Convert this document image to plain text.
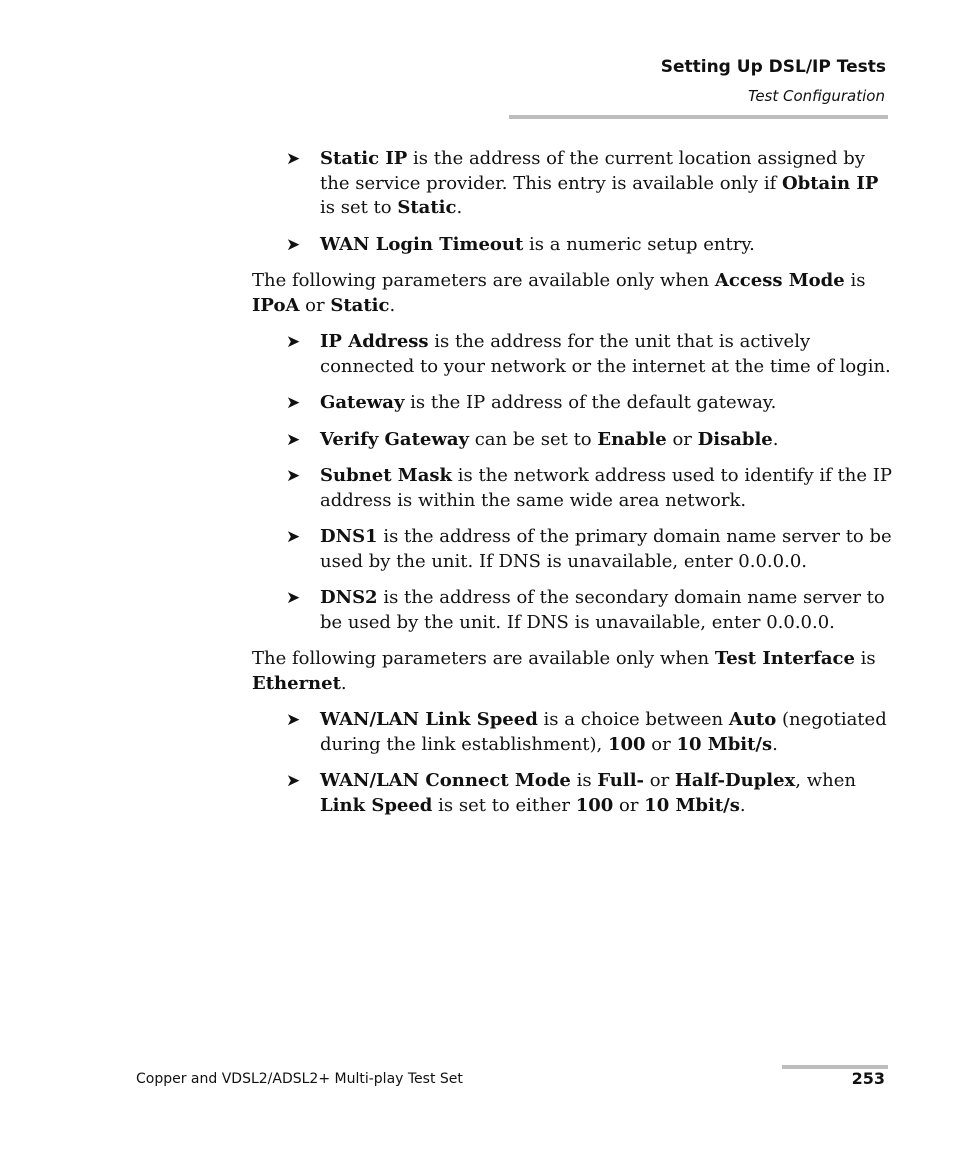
Setting Up DSL/IP Tests
Test Configuration
➤ Static IP is the address of the current location assigned by the service provider. This entry is available only if Obtain IP is set to Static.
➤ WAN Login Timeout is a numeric setup entry.

The following parameters are available only when Access Mode is IPoA or Static.

➤ IP Address is the address for the unit that is actively connected to your network or the internet at the time of login.
➤ Gateway is the IP address of the default gateway.
➤ Verify Gateway can be set to Enable or Disable.
➤ Subnet Mask is the network address used to identify if the IP address is within the same wide area network.
➤ DNS1 is the address of the primary domain name server to be used by the unit. If DNS is unavailable, enter 0.0.0.0.
➤ DNS2 is the address of the secondary domain name server to be used by the unit. If DNS is unavailable, enter 0.0.0.0.

The following parameters are available only when Test Interface is Ethernet.

➤ WAN/LAN Link Speed is a choice between Auto (negotiated during the link establishment), 100 or 10 Mbit/s.
➤ WAN/LAN Connect Mode is Full- or Half-Duplex, when Link Speed is set to either 100 or 10 Mbit/s.
Copper and VDSL2/ADSL2+ Multi-play Test Set	253
